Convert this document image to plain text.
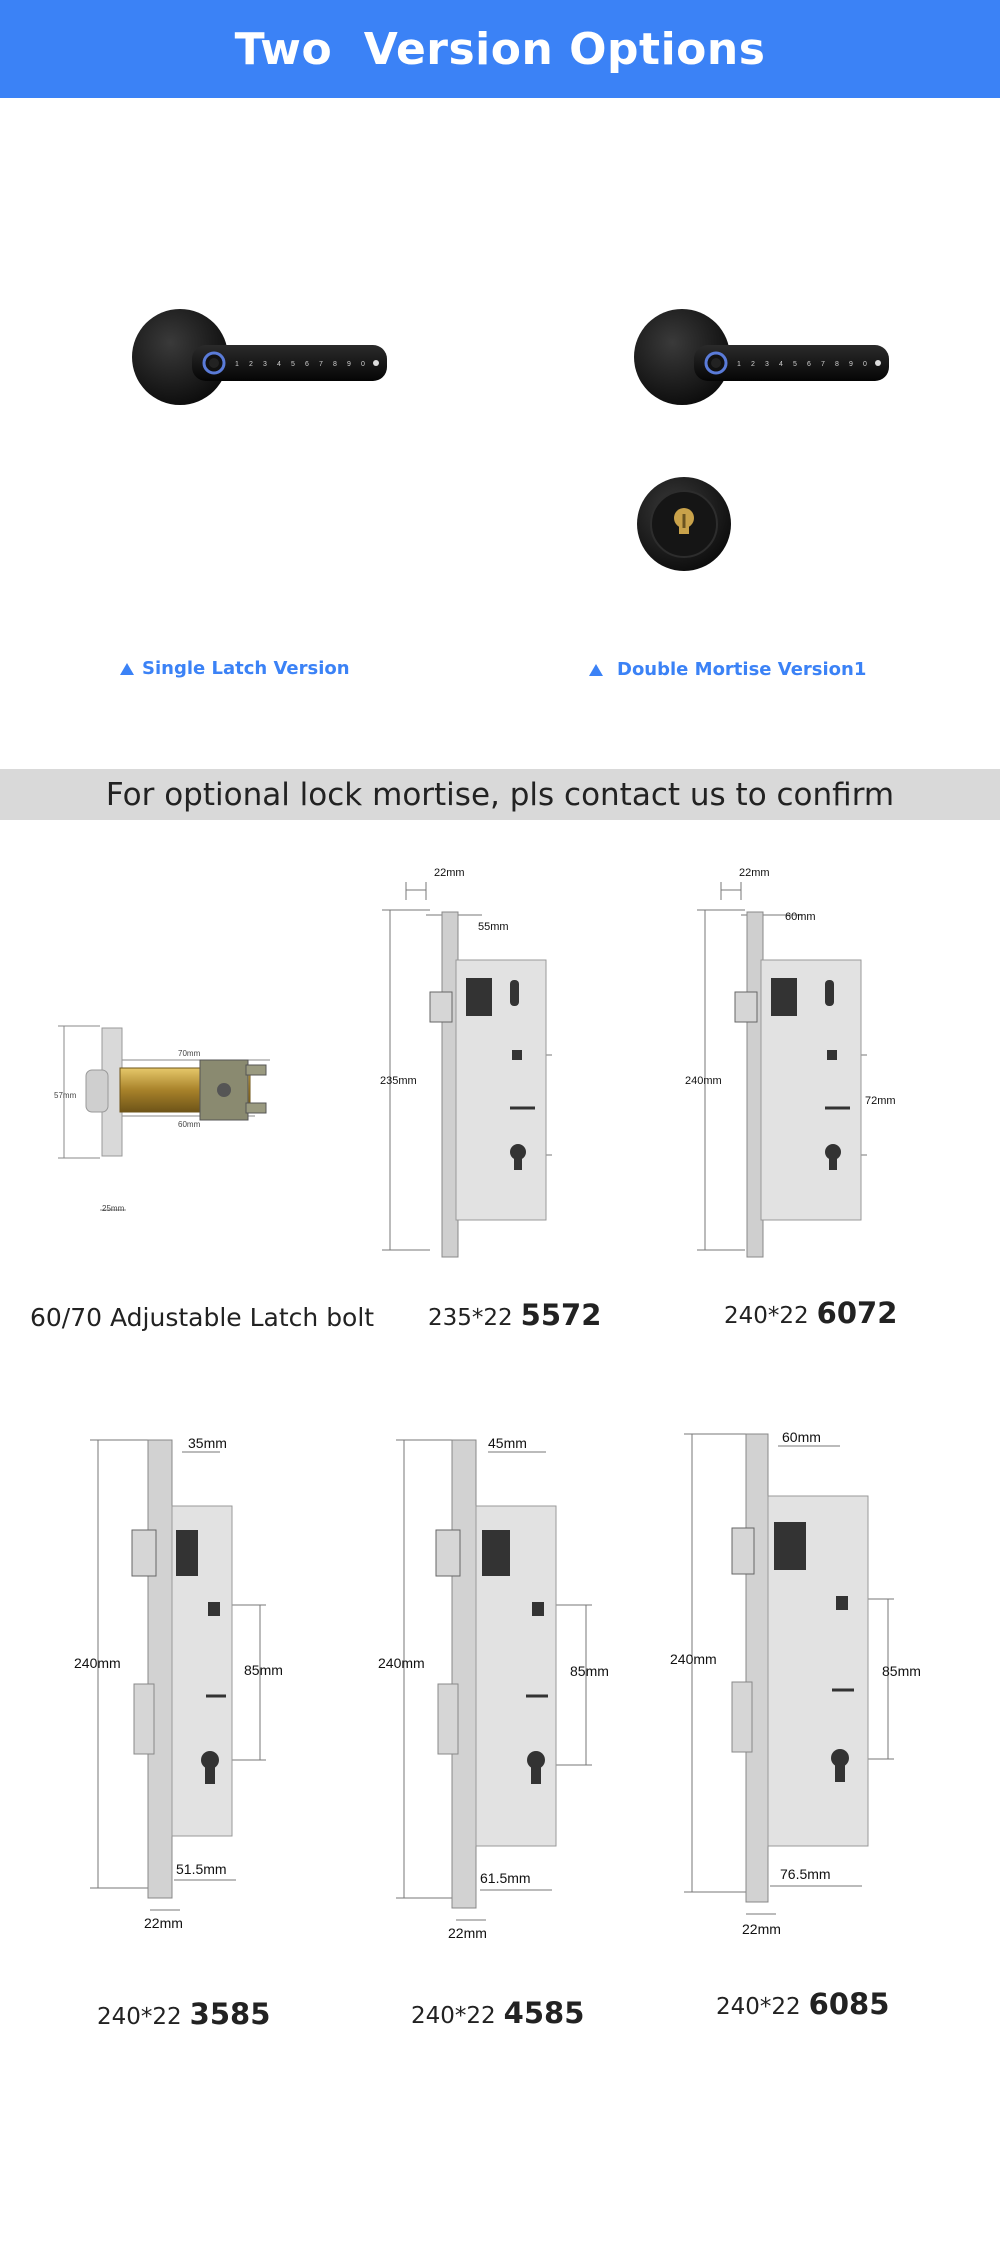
Two  Version Options
1 2 3 4 5 6 7 8 9 0	1 2 3 4 5 6 7 8 9 0
Single Latch Version	Double Mortise Version1
For optional lock mortise, pls contact us to confirm
57mm
70mm
60mm
25mm
60/70 Adjustable Latch bolt
22mm
55mm
235mm
235*22 5572
22mm
60mm
240mm
72mm
240*22 6072
35mm
240mm	85mm
51.5mm
22mm
240*22 3585
45mm
240mm	85mm
61.5mm
22mm
240*22 4585
60mm
240mm
85mm
76.5mm
22mm
240*22 6085
